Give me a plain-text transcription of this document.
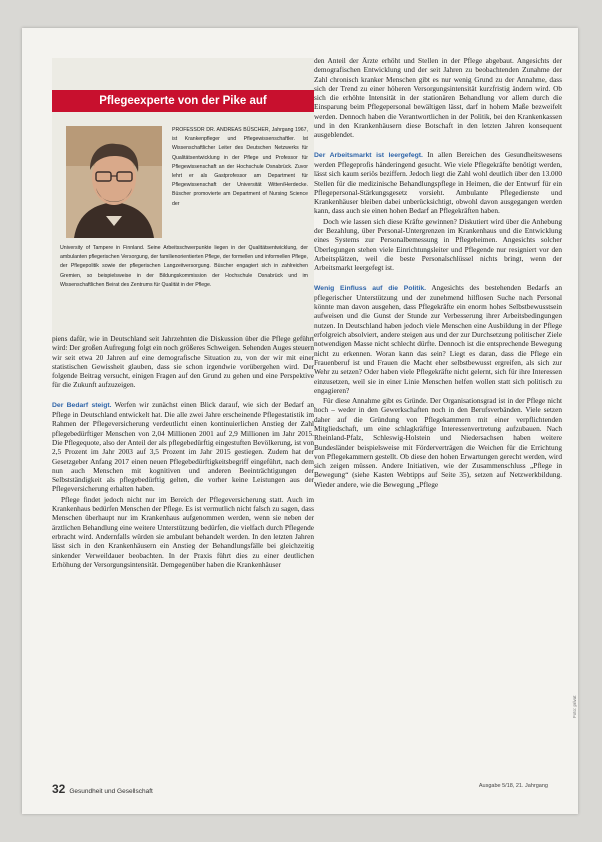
Pflegeexperte von der Pike auf
PROFESSOR DR. ANDREAS BÜSCHER, Jahrgang 1967, ist Krankenpfleger und Pflegewissenschaftler. Ist Wissenschaftlicher Leiter des Deutschen Netzwerks für Qualitätsentwicklung in der Pflege und Professor für Pflegewissenschaft an der Hochschule Osnabrück. Zuvor lehrt er als Gastprofessor am Department für Pflegewissenschaft der Universität Witten/Herdecke. Büscher promovierte am Department of Nursing Science der
University of Tampere in Finnland. Seine Arbeitsschwerpunkte liegen in der Qualitätsentwicklung, der ambulanten pflegerischen Versorgung, der familienorientierten Pflege, der formellen und informellen Pflege, der Pflegepolitik sowie der pflegerischen Langzeitversorgung. Büscher engagiert sich in zahlreichen Gremien, so beispielsweise in der Bildungskommission der Hochschule Osnabrück und im Wissenschaftlichen Beirat des Zentrums für Qualität in der Pflege.

piens dafür, wie in Deutschland seit Jahrzehnten die Diskussion über die Pflege geführt wird: Der großen Aufregung folgt ein noch größeres Schweigen. Sehenden Auges steuern wir seit etwa 20 Jahren auf eine demografische Situation zu, von der wir mit einer statistischen Gewissheit glauben, dass sie schon irgendwie vorübergehen wird. Der folgende Beitrag versucht, einigen Fragen auf den Grund zu gehen und eine Perspektive für die Zukunft aufzuzeigen.

Der Bedarf steigt. Werfen wir zunächst einen Blick darauf, wie sich der Bedarf an Pflege in Deutschland entwickelt hat. Die alle zwei Jahre erscheinende Pflegestatistik im Rahmen der Pflegeversicherung verdeutlicht einen kontinuierlichen Anstieg der Zahl pflegebedürftiger Menschen von 2,04 Millionen 2001 auf 2,9 Millionen im Jahr 2015. Die Pflegequote, also der Anteil der als pflegebedürftig eingestuften Bevölkerung, ist von 2,5 Prozent im Jahr 2003 auf 3,5 Prozent im Jahr 2015 gestiegen. Zudem hat der Gesetzgeber Anfang 2017 einen neuen Pflegebedürftigkeitsbegriff eingeführt, nach dem nun auch Menschen mit kognitiven und anderen Beeinträchtigungen der Selbstständigkeit als pflegebedürftig gelten, die vorher keine Leistungen aus der Pflegeversicherung erhalten haben.

Pflege findet jedoch nicht nur im Bereich der Pflegeversicherung statt. Auch im Krankenhaus bedürfen Menschen der Pflege. Es ist vermutlich nicht falsch zu sagen, dass Menschen überhaupt nur im Krankenhaus aufgenommen werden, wenn sie neben der ärztlichen Behandlung eine weitere Unterstützung bedürfen, die vielfach durch Pflegende erbracht wird. Andernfalls würden sie ambulant behandelt werden. In den letzten Jahren lässt sich in den Krankenhäusern ein Anstieg der Behandlungsfälle bei gleichzeitig sinkender Verweildauer beobachten. In der Praxis führt dies zu einer deutlichen Erhöhung der Versorgungsintensität. Demgegenüber haben die Krankenhäuser

den Anteil der Ärzte erhöht und Stellen in der Pflege abgebaut. Angesichts der demografischen Entwicklung und der seit Jahren zu beobachtenden Zunahme der Zahl chronisch kranker Menschen gibt es nur wenig Grund zu der Annahme, dass sich der Trend zu einer höheren Versorgungsintensität kurzfristig ändern wird. Ob sich die erhöhte Intensität in der stationären Behandlung vor allem durch die Einsparung beim Pflegepersonal bewältigen lässt, darf in hohem Maße bezweifelt werden. Dennoch haben die Verantwortlichen in der Politik, bei den Krankenkassen und in den Krankenhäusern diese Botschaft in den letzten Jahren konsequent ausgeblendet.

Der Arbeitsmarkt ist leergefegt. In allen Bereichen des Gesundheitswesens werden Pflegeprofis händeringend gesucht. Wie viele Pflegekräfte benötigt werden, lässt sich kaum seriös beziffern. Jedoch liegt die Zahl wohl deutlich über den 13.000 Stellen für die medizinische Behandlungspflege in Heimen, die der Entwurf für ein Pflegepersonal-Stärkungsgesetz vorsieht. Ambulante Pflegedienste und Krankenhäuser bleiben dabei unberücksichtigt, obwohl davon ausgegangen werden kann, dass auch sie einen hohen Bedarf an Pflegekräften haben.

Doch wie lassen sich diese Kräfte gewinnen? Diskutiert wird über die Anhebung der Bezahlung, über Personal-Untergrenzen im Krankenhaus und die Entwicklung eines Systems zur Personalbemessung in Pflegeheimen. Angesichts solcher Überlegungen stehen viele Einrichtungsleiter und Pflegende nur resigniert vor den Arbeitsplätzen, weil die beste Personalschlüssel nichts bringt, wenn der Arbeitsmarkt leergefegt ist.

Wenig Einfluss auf die Politik. Angesichts des bestehenden Bedarfs an pflegerischer Unterstützung und der zunehmend hilflosen Suche nach Personal könnte man davon ausgehen, dass Pflegekräfte ein enorm hohes Selbstbewusstsein aufweisen und die Gunst der Stunde zur Verbesserung ihrer Arbeitsbedingungen nutzen. In Deutschland haben jedoch viele Menschen eine Ausbildung in der Pflege erfolgreich absolviert, andere steigen aus und der zur Durchsetzung politischer Ziele notwendigen Masse nicht schlecht dürfte. Dennoch ist die entsprechende Bewegung nicht zu erkennen. Woran kann das sein? Liegt es daran, dass die Pflege ein Frauenberuf ist und Frauen die Macht eher selbstbewusst ergreifen, als sich zur Wehr zu setzen? Oder haben viele Pflegekräfte nicht gelernt, sich für ihre Interessen einzusetzen, weil sie in einer Linie Menschen helfen wollen statt sich politisch zu engagieren?

Für diese Annahme gibt es Gründe. Der Organisationsgrad ist in der Pflege nicht hoch – weder in den Gewerkschaften noch in den Berufsverbänden. Viele setzen daher auf die Gründung von Pflegekammern mit einer verpflichtenden Mitgliedschaft, um eine schlagkräftige Interessenvertretung aufzubauen. Nach Rheinland-Pfalz, Schleswig-Holstein und Niedersachsen haben weitere Bundesländer beispielsweise mit Förderverträgen die Weichen für die Errichtung von Pflegekammern gestellt. Ob diese den hohen Erwartungen gerecht werden, wird sich zeigen müssen. Andere Initiativen, wie der Zusammenschluss „Pflege in Bewegung“ (siehe Kasten Webtipps auf Seite 35), setzen auf Netzwerkbildung. Wieder andere, wie die Bewegung „Pflege

Foto: privat
32 Gesundheit und Gesellschaft
Ausgabe 5/18, 21. Jahrgang
